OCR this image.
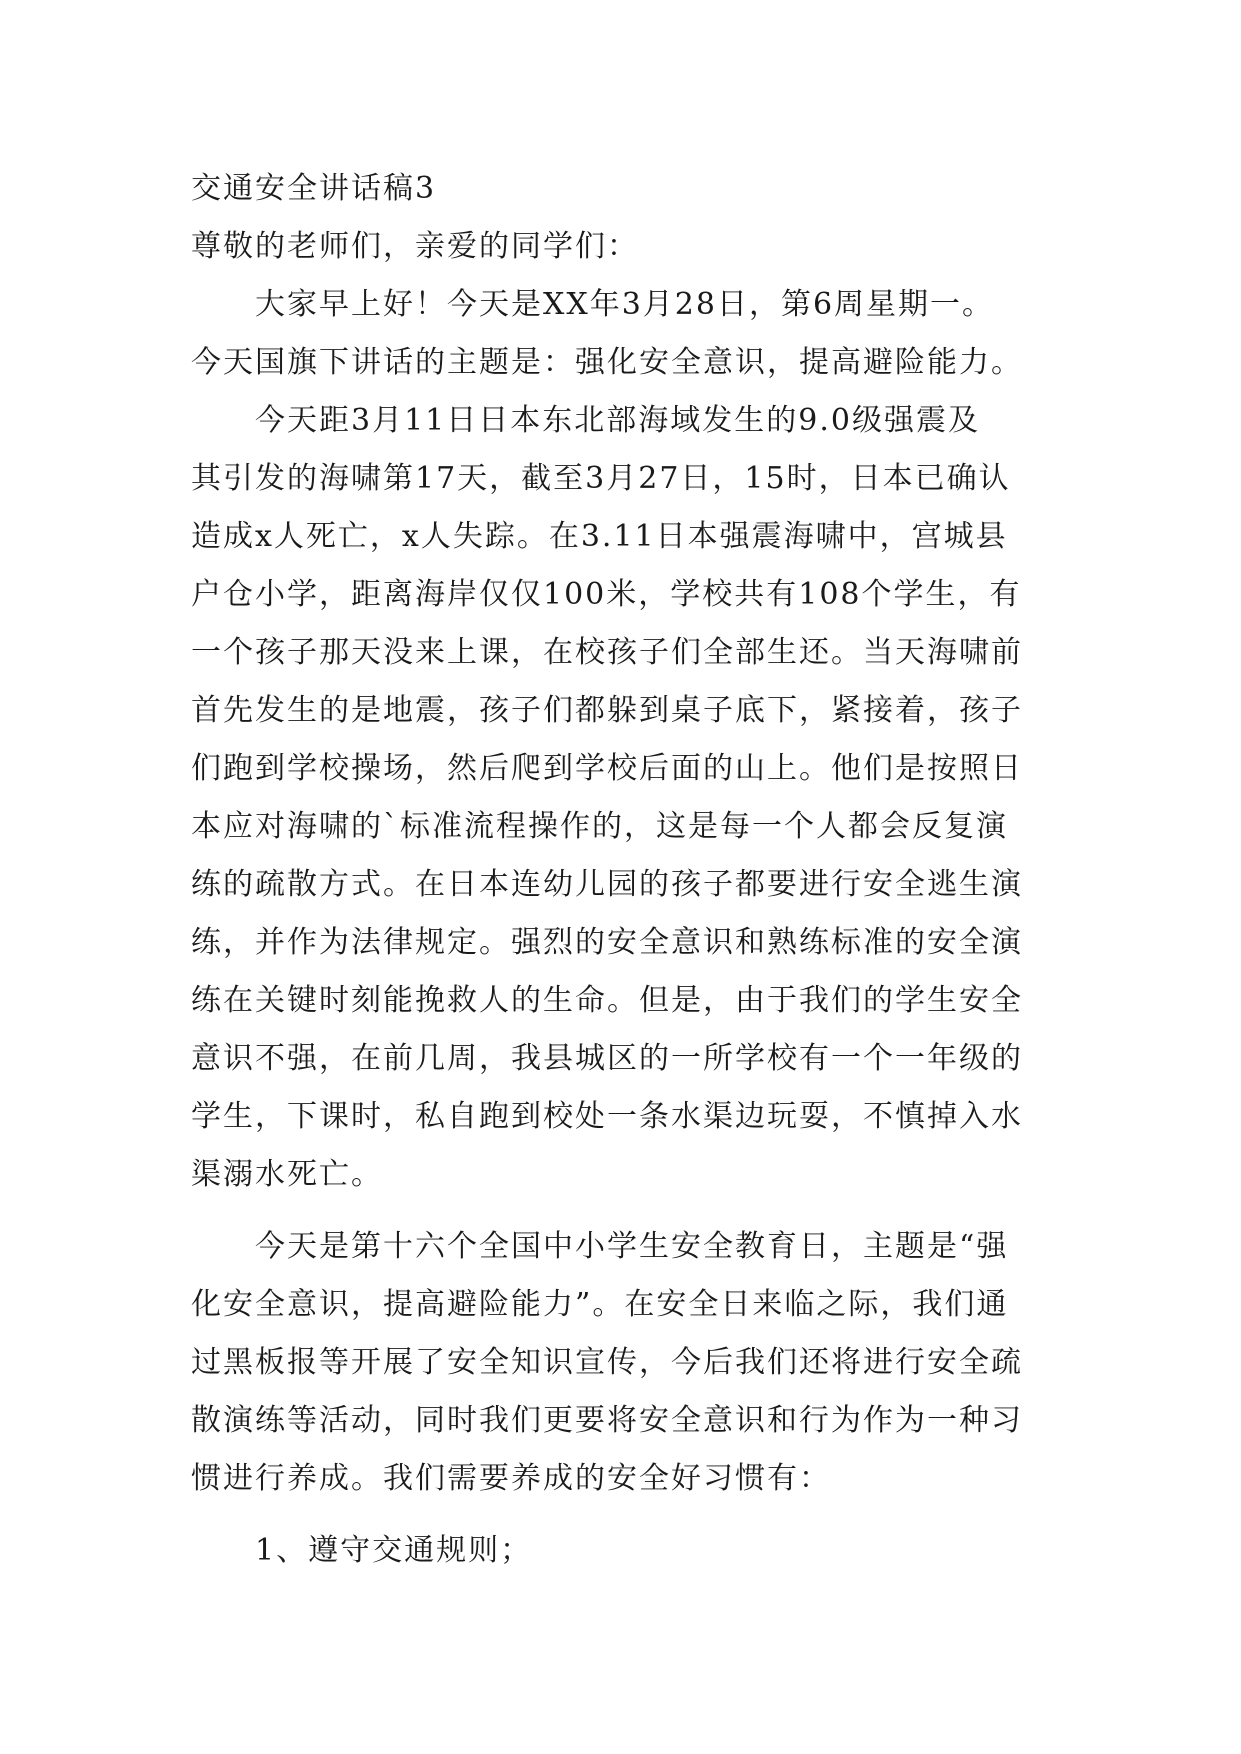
交通安全讲话稿3
尊敬的老师们，亲爱的同学们：
大家早上好！今天是XX年3月28日，第6周星期一。
今天国旗下讲话的主题是：强化安全意识，提高避险能力。
今天距3月11日日本东北部海域发生的9.0级强震及
其引发的海啸第17天，截至3月27日，15时，日本已确认
造成x人死亡，x人失踪。在3.11日本强震海啸中，宫城县
户仓小学，距离海岸仅仅100米，学校共有108个学生，有
一个孩子那天没来上课，在校孩子们全部生还。当天海啸前
首先发生的是地震，孩子们都躲到桌子底下，紧接着，孩子
们跑到学校操场，然后爬到学校后面的山上。他们是按照日
本应对海啸的`标准流程操作的，这是每一个人都会反复演
练的疏散方式。在日本连幼儿园的孩子都要进行安全逃生演
练，并作为法律规定。强烈的安全意识和熟练标准的安全演
练在关键时刻能挽救人的生命。但是，由于我们的学生安全
意识不强，在前几周，我县城区的一所学校有一个一年级的
学生，下课时，私自跑到校处一条水渠边玩耍，不慎掉入水
渠溺水死亡。
今天是第十六个全国中小学生安全教育日，主题是“强
化安全意识，提高避险能力”。在安全日来临之际，我们通
过黑板报等开展了安全知识宣传，今后我们还将进行安全疏
散演练等活动，同时我们更要将安全意识和行为作为一种习
惯进行养成。我们需要养成的安全好习惯有：
1、遵守交通规则；
